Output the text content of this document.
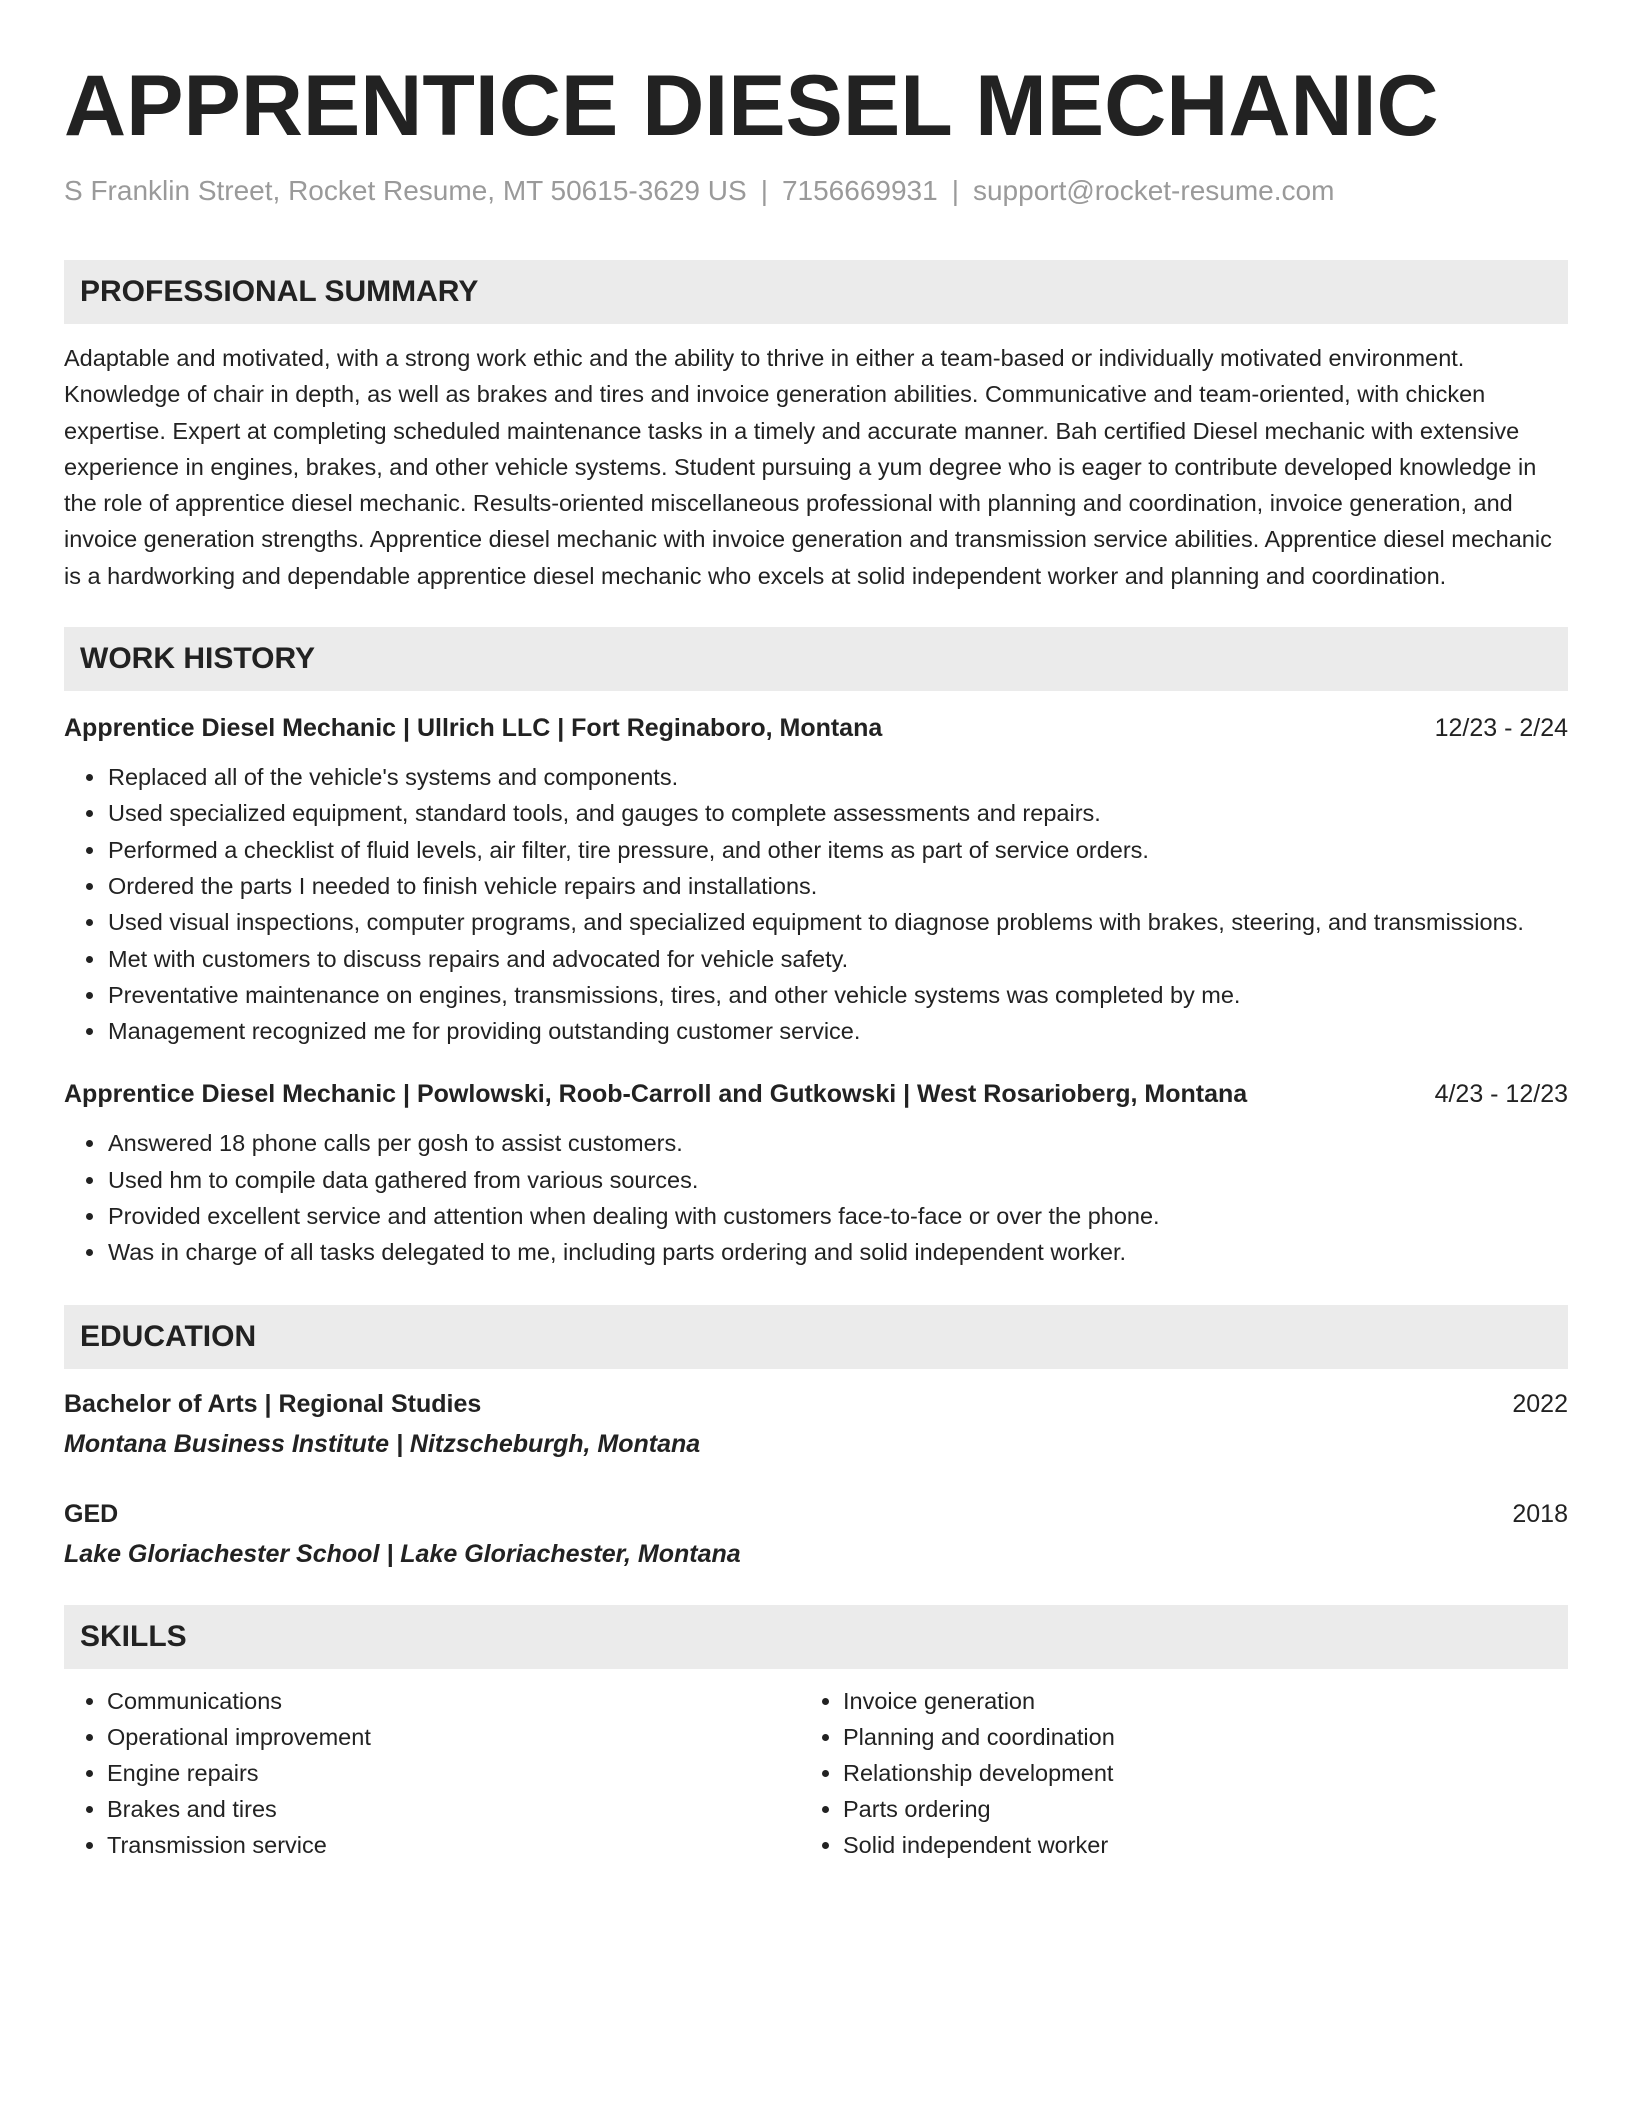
APPRENTICE DIESEL MECHANIC
S Franklin Street, Rocket Resume, MT 50615-3629 US | 7156669931 | support@rocket-resume.com
PROFESSIONAL SUMMARY

Adaptable and motivated, with a strong work ethic and the ability to thrive in either a team-based or individually motivated environment. Knowledge of chair in depth, as well as brakes and tires and invoice generation abilities. Communicative and team-oriented, with chicken expertise. Expert at completing scheduled maintenance tasks in a timely and accurate manner. Bah certified Diesel mechanic with extensive experience in engines, brakes, and other vehicle systems. Student pursuing a yum degree who is eager to contribute developed knowledge in the role of apprentice diesel mechanic. Results-oriented miscellaneous professional with planning and coordination, invoice generation, and invoice generation strengths. Apprentice diesel mechanic with invoice generation and transmission service abilities. Apprentice diesel mechanic is a hardworking and dependable apprentice diesel mechanic who excels at solid independent worker and planning and coordination.

WORK HISTORY
Apprentice Diesel Mechanic | Ullrich LLC | Fort Reginaboro, Montana	12/23 - 2/24
• Replaced all of the vehicle's systems and components.
• Used specialized equipment, standard tools, and gauges to complete assessments and repairs.
• Performed a checklist of fluid levels, air filter, tire pressure, and other items as part of service orders.
• Ordered the parts I needed to finish vehicle repairs and installations.
• Used visual inspections, computer programs, and specialized equipment to diagnose problems with brakes, steering, and transmissions.
• Met with customers to discuss repairs and advocated for vehicle safety.
• Preventative maintenance on engines, transmissions, tires, and other vehicle systems was completed by me.
• Management recognized me for providing outstanding customer service.
Apprentice Diesel Mechanic | Powlowski, Roob-Carroll and Gutkowski | West Rosarioberg, Montana	4/23 - 12/23
• Answered 18 phone calls per gosh to assist customers.
• Used hm to compile data gathered from various sources.
• Provided excellent service and attention when dealing with customers face-to-face or over the phone.
• Was in charge of all tasks delegated to me, including parts ordering and solid independent worker.
EDUCATION
Bachelor of Arts | Regional Studies	2022
Montana Business Institute | Nitzscheburgh, Montana
GED	2018
Lake Gloriachester School | Lake Gloriachester, Montana
SKILLS
• Communications
• Operational improvement
• Engine repairs
• Brakes and tires
• Transmission service
• Invoice generation
• Planning and coordination
• Relationship development
• Parts ordering
• Solid independent worker
